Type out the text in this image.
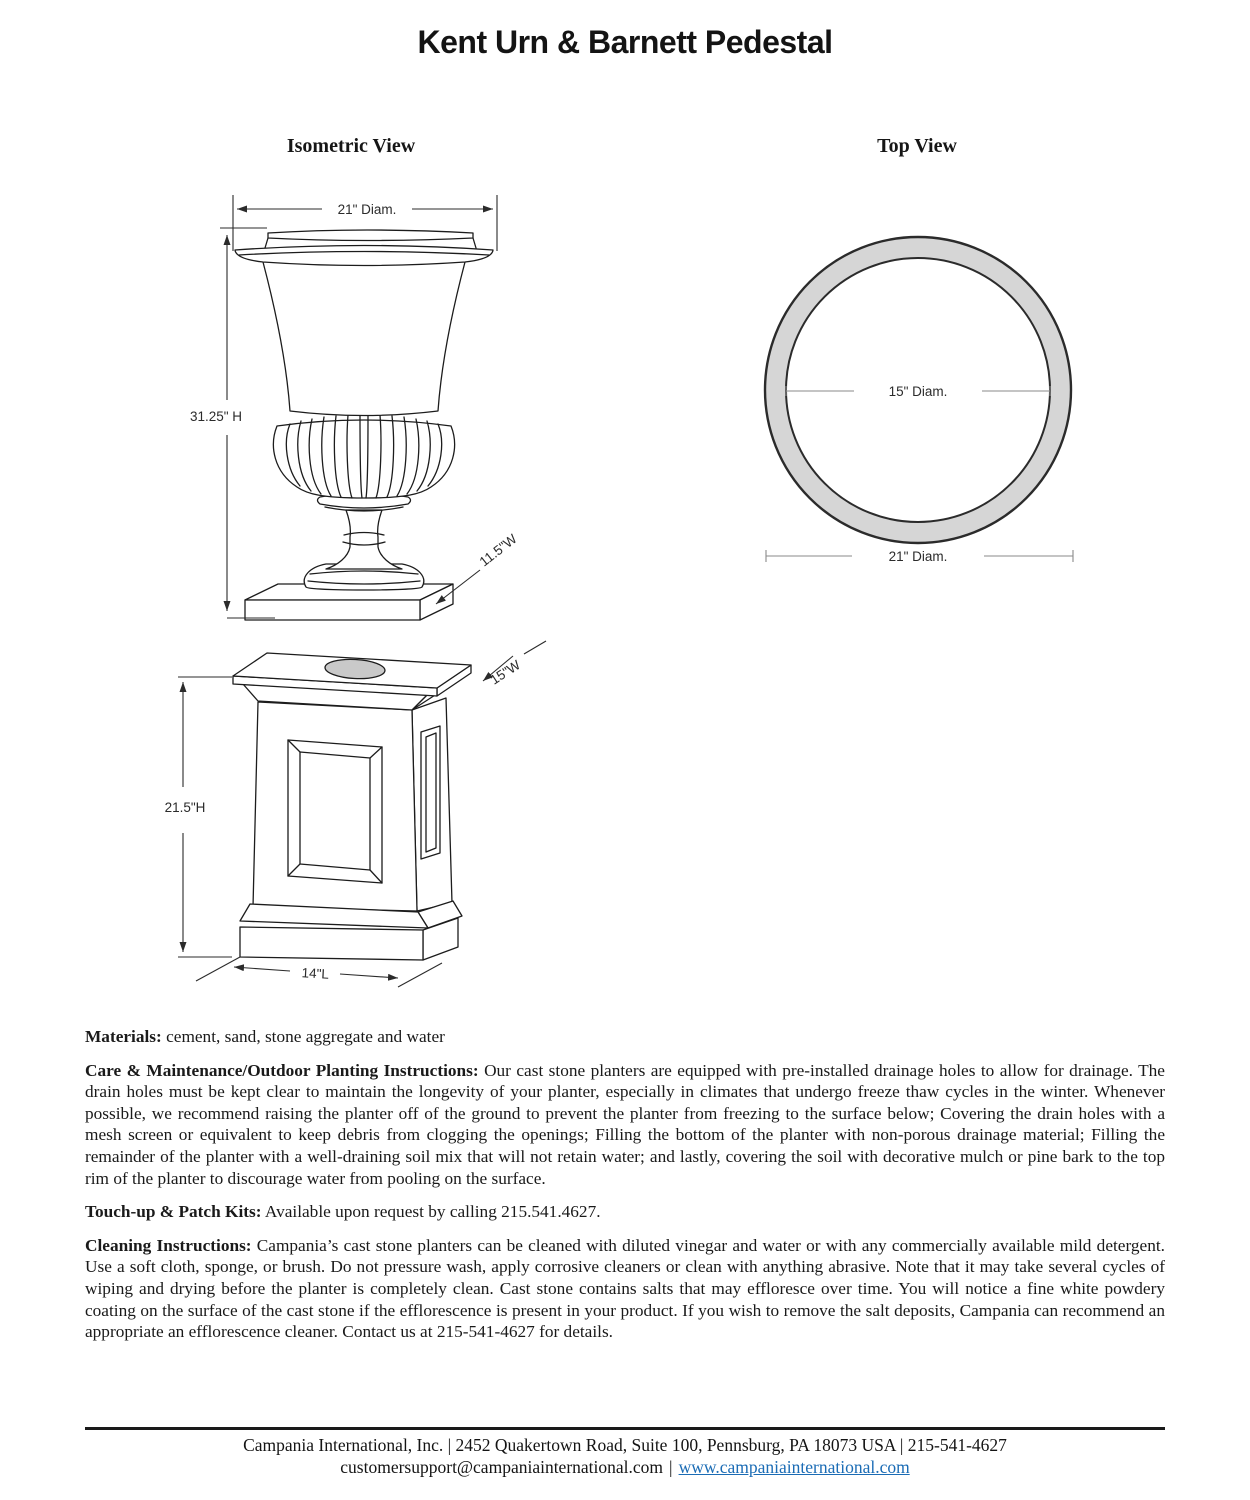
Kent Urn & Barnett Pedestal
Isometric View	Top View
21" Diam.
31.25" H
11.5"W
15"W
21.5"H
14"L
15" Diam.
21" Diam.

Materials: cement, sand, stone aggregate and water

Care & Maintenance/Outdoor Planting Instructions: Our cast stone planters are equipped with pre-installed drainage holes to allow for drainage. The drain holes must be kept clear to maintain the longevity of your planter, especially in climates that undergo freeze thaw cycles in the winter. Whenever possible, we recommend raising the planter off of the ground to prevent the planter from freezing to the surface below; Covering the drain holes with a mesh screen or equivalent to keep debris from clogging the openings; Filling the bottom of the planter with non-porous drainage material; Filling the remainder of the planter with a well-draining soil mix that will not retain water; and lastly, covering the soil with decorative mulch or pine bark to the top rim of the planter to discourage water from pooling on the surface.

Touch-up & Patch Kits: Available upon request by calling 215.541.4627.

Cleaning Instructions: Campania’s cast stone planters can be cleaned with diluted vinegar and water or with any commercially available mild detergent. Use a soft cloth, sponge, or brush. Do not pressure wash, apply corrosive cleaners or clean with anything abrasive. Note that it may take several cycles of wiping and drying before the planter is completely clean. Cast stone contains salts that may effloresce over time. You will notice a fine white powdery coating on the surface of the cast stone if the efflorescence is present in your product. If you wish to remove the salt deposits, Campania can recommend an appropriate an efflorescence cleaner. Contact us at 215-541-4627 for details.

Campania International, Inc. | 2452 Quakertown Road, Suite 100, Pennsburg, PA 18073 USA | 215-541-4627
customersupport@campaniainternational.com | www.campaniainternational.com
